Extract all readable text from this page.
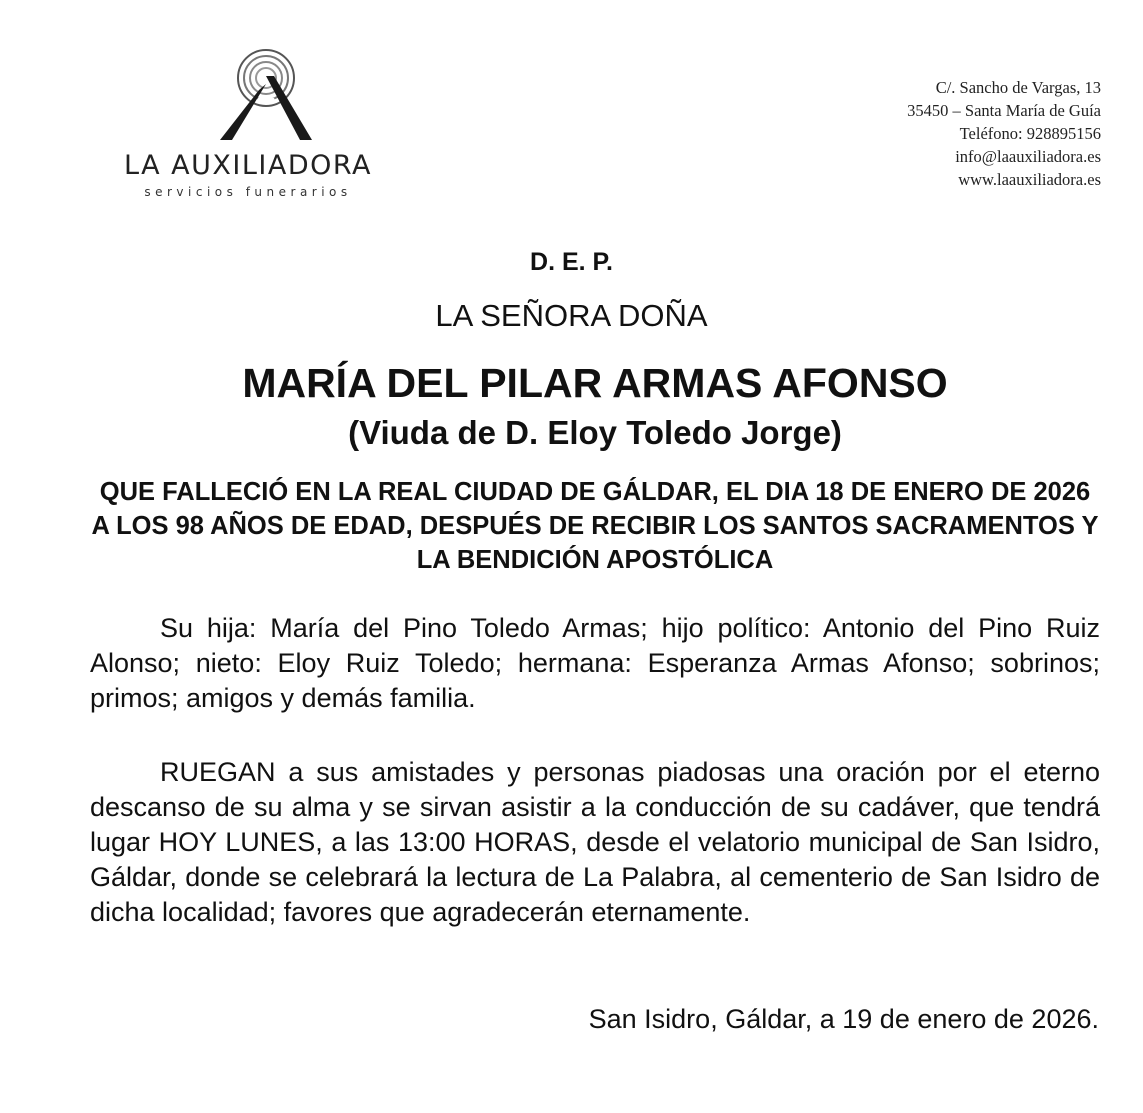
LA AUXILIADORA
servicios funerarios
C/. Sancho de Vargas, 13
35450 – Santa María de Guía
Teléfono: 928895156
info@laauxiliadora.es
www.laauxiliadora.es
D. E. P.
LA SEÑORA DOÑA
MARÍA DEL PILAR ARMAS AFONSO
(Viuda de D. Eloy Toledo Jorge)
QUE FALLECIÓ EN LA REAL CIUDAD DE GÁLDAR, EL DIA 18 DE ENERO DE 2026 A LOS 98 AÑOS DE EDAD, DESPUÉS DE RECIBIR LOS SANTOS SACRAMENTOS Y LA BENDICIÓN APOSTÓLICA
Su hija: María del Pino Toledo Armas; hijo político: Antonio del Pino Ruiz Alonso; nieto: Eloy Ruiz Toledo; hermana: Esperanza Armas Afonso; sobrinos; primos; amigos y demás familia.
RUEGAN a sus amistades y personas piadosas una oración por el eterno descanso de su alma y se sirvan asistir a la conducción de su cadáver, que tendrá lugar HOY LUNES, a las 13:00 HORAS, desde el velatorio municipal de San Isidro, Gáldar, donde se celebrará la lectura de La Palabra, al cementerio de San Isidro de dicha localidad; favores que agradecerán eternamente.
San Isidro, Gáldar, a 19 de enero de 2026.
